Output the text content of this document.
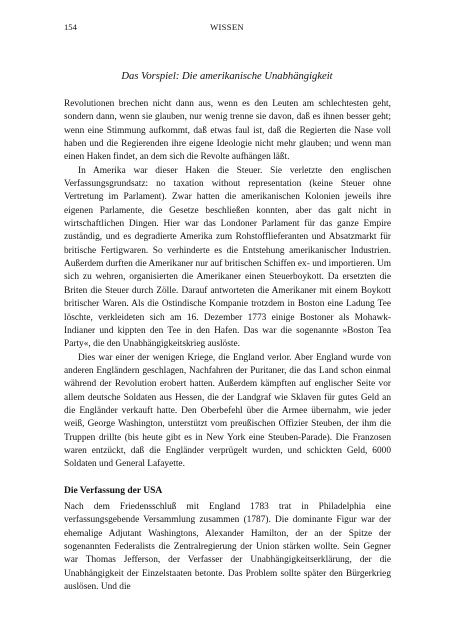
154	WISSEN
Das Vorspiel: Die amerikanische Unabhängigkeit

Revolutionen brechen nicht dann aus, wenn es den Leuten am schlechtesten geht, sondern dann, wenn sie glauben, nur wenig trenne sie davon, daß es ihnen besser geht; wenn eine Stimmung aufkommt, daß etwas faul ist, daß die Regierten die Nase voll haben und die Regierenden ihre eigene Ideologie nicht mehr glauben; und wenn man einen Haken findet, an dem sich die Revolte aufhängen läßt.

In Amerika war dieser Haken die Steuer. Sie verletzte den englischen Verfassungsgrundsatz: no taxation without representation (keine Steuer ohne Vertretung im Parlament). Zwar hatten die amerikanischen Kolonien jeweils ihre eigenen Parlamente, die Gesetze beschließen konnten, aber das galt nicht in wirtschaftlichen Dingen. Hier war das Londoner Parlament für das ganze Empire zuständig, und es degradierte Amerika zum Rohstofflieferanten und Absatzmarkt für britische Fertigwaren. So verhinderte es die Entstehung amerikanischer Industrien. Außerdem durften die Amerikaner nur auf britischen Schiffen ex- und importieren. Um sich zu wehren, organisierten die Amerikaner einen Steuerboykott. Da ersetzten die Briten die Steuer durch Zölle. Darauf antworteten die Amerikaner mit einem Boykott britischer Waren. Als die Ostindische Kompanie trotzdem in Boston eine Ladung Tee löschte, verkleideten sich am 16. Dezember 1773 einige Bostoner als Mohawk-Indianer und kippten den Tee in den Hafen. Das war die sogenannte »Boston Tea Party«, die den Unabhängigkeitskrieg auslöste.

Dies war einer der wenigen Kriege, die England verlor. Aber England wurde von anderen Engländern geschlagen, Nachfahren der Puritaner, die das Land schon einmal während der Revolution erobert hatten. Außerdem kämpften auf englischer Seite vor allem deutsche Soldaten aus Hessen, die der Landgraf wie Sklaven für gutes Geld an die Engländer verkauft hatte. Den Oberbefehl über die Armee übernahm, wie jeder weiß, George Washington, unterstützt vom preußischen Offizier Steuben, der ihm die Truppen drillte (bis heute gibt es in New York eine Steuben-Parade). Die Franzosen waren entzückt, daß die Engländer verprügelt wurden, und schickten Geld, 6000 Soldaten und General Lafayette.

Die Verfassung der USA

Nach dem Friedensschluß mit England 1783 trat in Philadelphia eine verfassungsgebende Versammlung zusammen (1787). Die dominante Figur war der ehemalige Adjutant Washingtons, Alexander Hamilton, der an der Spitze der sogenannten Federalists die Zentralregierung der Union stärken wollte. Sein Gegner war Thomas Jefferson, der Verfasser der Unabhängigkeitserklärung, der die Unabhängigkeit der Einzelstaaten betonte. Das Problem sollte später den Bürgerkrieg auslösen. Und die
